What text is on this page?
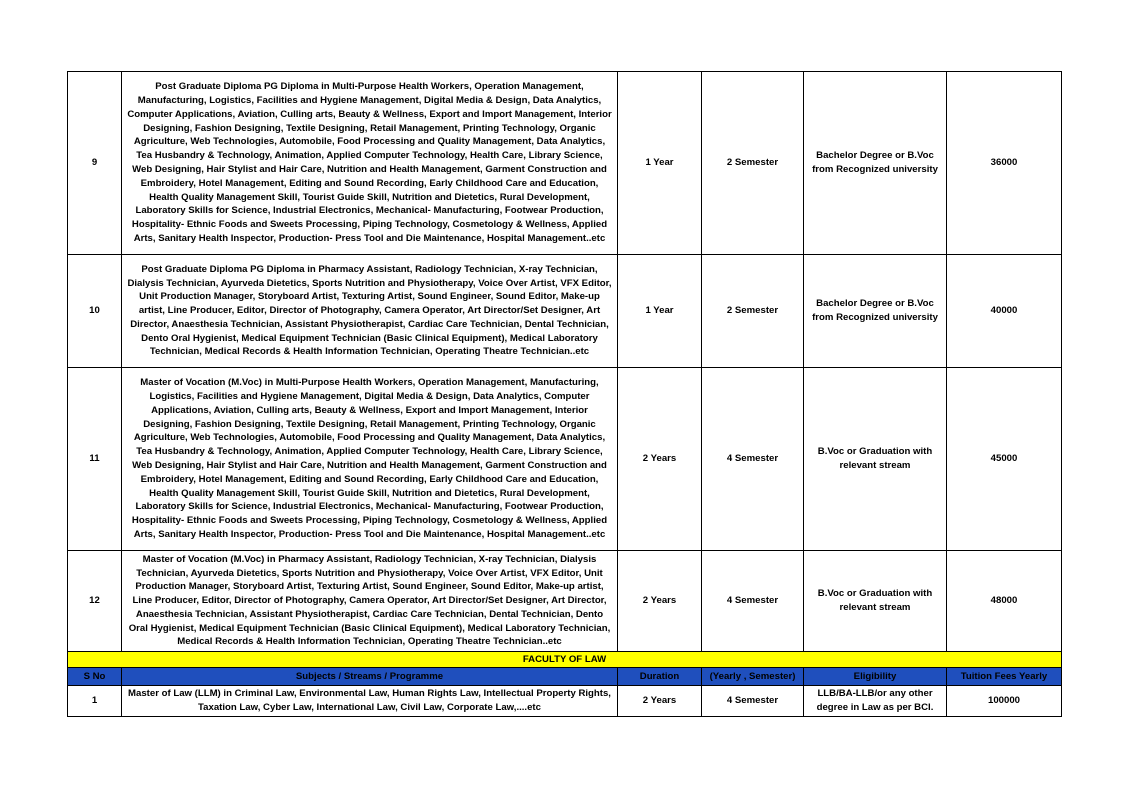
9	Post Graduate Diploma PG Diploma in Multi-Purpose Health Workers, Operation Management, Manufacturing, Logistics, Facilities and Hygiene Management, Digital Media & Design, Data Analytics, Computer Applications, Aviation, Culling arts, Beauty & Wellness, Export and Import Management, Interior Designing, Fashion Designing, Textile Designing, Retail Management, Printing Technology, Organic Agriculture, Web Technologies, Automobile, Food Processing and Quality Management, Data Analytics, Tea Husbandry & Technology, Animation, Applied Computer Technology, Health Care, Library Science, Web Designing, Hair Stylist and Hair Care, Nutrition and Health Management, Garment Construction and Embroidery, Hotel Management, Editing and Sound Recording, Early Childhood Care and Education, Health Quality Management Skill, Tourist Guide Skill, Nutrition and Dietetics, Rural Development, Laboratory Skills for Science, Industrial Electronics, Mechanical- Manufacturing, Footwear Production, Hospitality- Ethnic Foods and Sweets Processing, Piping Technology, Cosmetology & Wellness, Applied Arts, Sanitary Health Inspector, Production- Press Tool and Die Maintenance, Hospital Management..etc	1 Year	2 Semester	Bachelor Degree or B.Voc from Recognized university	36000
10	Post Graduate Diploma PG Diploma in Pharmacy Assistant, Radiology Technician, X-ray Technician, Dialysis Technician, Ayurveda Dietetics, Sports Nutrition and Physiotherapy, Voice Over Artist, VFX Editor, Unit Production Manager, Storyboard Artist, Texturing Artist, Sound Engineer, Sound Editor, Make-up artist, Line Producer, Editor, Director of Photography, Camera Operator, Art Director/Set Designer, Art Director, Anaesthesia Technician, Assistant Physiotherapist, Cardiac Care Technician, Dental Technician, Dento Oral Hygienist, Medical Equipment Technician (Basic Clinical Equipment), Medical Laboratory Technician, Medical Records & Health Information Technician, Operating Theatre Technician..etc	1 Year	2 Semester	Bachelor Degree or B.Voc from Recognized university	40000
11	Master of Vocation (M.Voc) in Multi-Purpose Health Workers, Operation Management, Manufacturing, Logistics, Facilities and Hygiene Management, Digital Media & Design, Data Analytics, Computer Applications, Aviation, Culling arts, Beauty & Wellness, Export and Import Management, Interior Designing, Fashion Designing, Textile Designing, Retail Management, Printing Technology, Organic Agriculture, Web Technologies, Automobile, Food Processing and Quality Management, Data Analytics, Tea Husbandry & Technology, Animation, Applied Computer Technology, Health Care, Library Science, Web Designing, Hair Stylist and Hair Care, Nutrition and Health Management, Garment Construction and Embroidery, Hotel Management, Editing and Sound Recording, Early Childhood Care and Education, Health Quality Management Skill, Tourist Guide Skill, Nutrition and Dietetics, Rural Development, Laboratory Skills for Science, Industrial Electronics, Mechanical- Manufacturing, Footwear Production, Hospitality- Ethnic Foods and Sweets Processing, Piping Technology, Cosmetology & Wellness, Applied Arts, Sanitary Health Inspector, Production- Press Tool and Die Maintenance, Hospital Management..etc	2 Years	4 Semester	B.Voc or Graduation with relevant stream	45000
12	Master of Vocation (M.Voc) in Pharmacy Assistant, Radiology Technician, X-ray Technician, Dialysis Technician, Ayurveda Dietetics, Sports Nutrition and Physiotherapy, Voice Over Artist, VFX Editor, Unit Production Manager, Storyboard Artist, Texturing Artist, Sound Engineer, Sound Editor, Make-up artist, Line Producer, Editor, Director of Photography, Camera Operator, Art Director/Set Designer, Art Director, Anaesthesia Technician, Assistant Physiotherapist, Cardiac Care Technician, Dental Technician, Dento Oral Hygienist, Medical Equipment Technician (Basic Clinical Equipment), Medical Laboratory Technician, Medical Records & Health Information Technician, Operating Theatre Technician..etc	2 Years	4 Semester	B.Voc or Graduation with relevant stream	48000
FACULTY OF LAW					
S No	Subjects / Streams / Programme	Duration	(Yearly , Semester)	Eligibility	Tuition Fees Yearly
1	Master of Law (LLM) in Criminal Law, Environmental Law, Human Rights Law, Intellectual Property Rights, Taxation Law, Cyber Law, International Law, Civil Law, Corporate Law,....etc	2 Years	4 Semester	LLB/BA-LLB/or any other degree in Law as per BCI.	100000
